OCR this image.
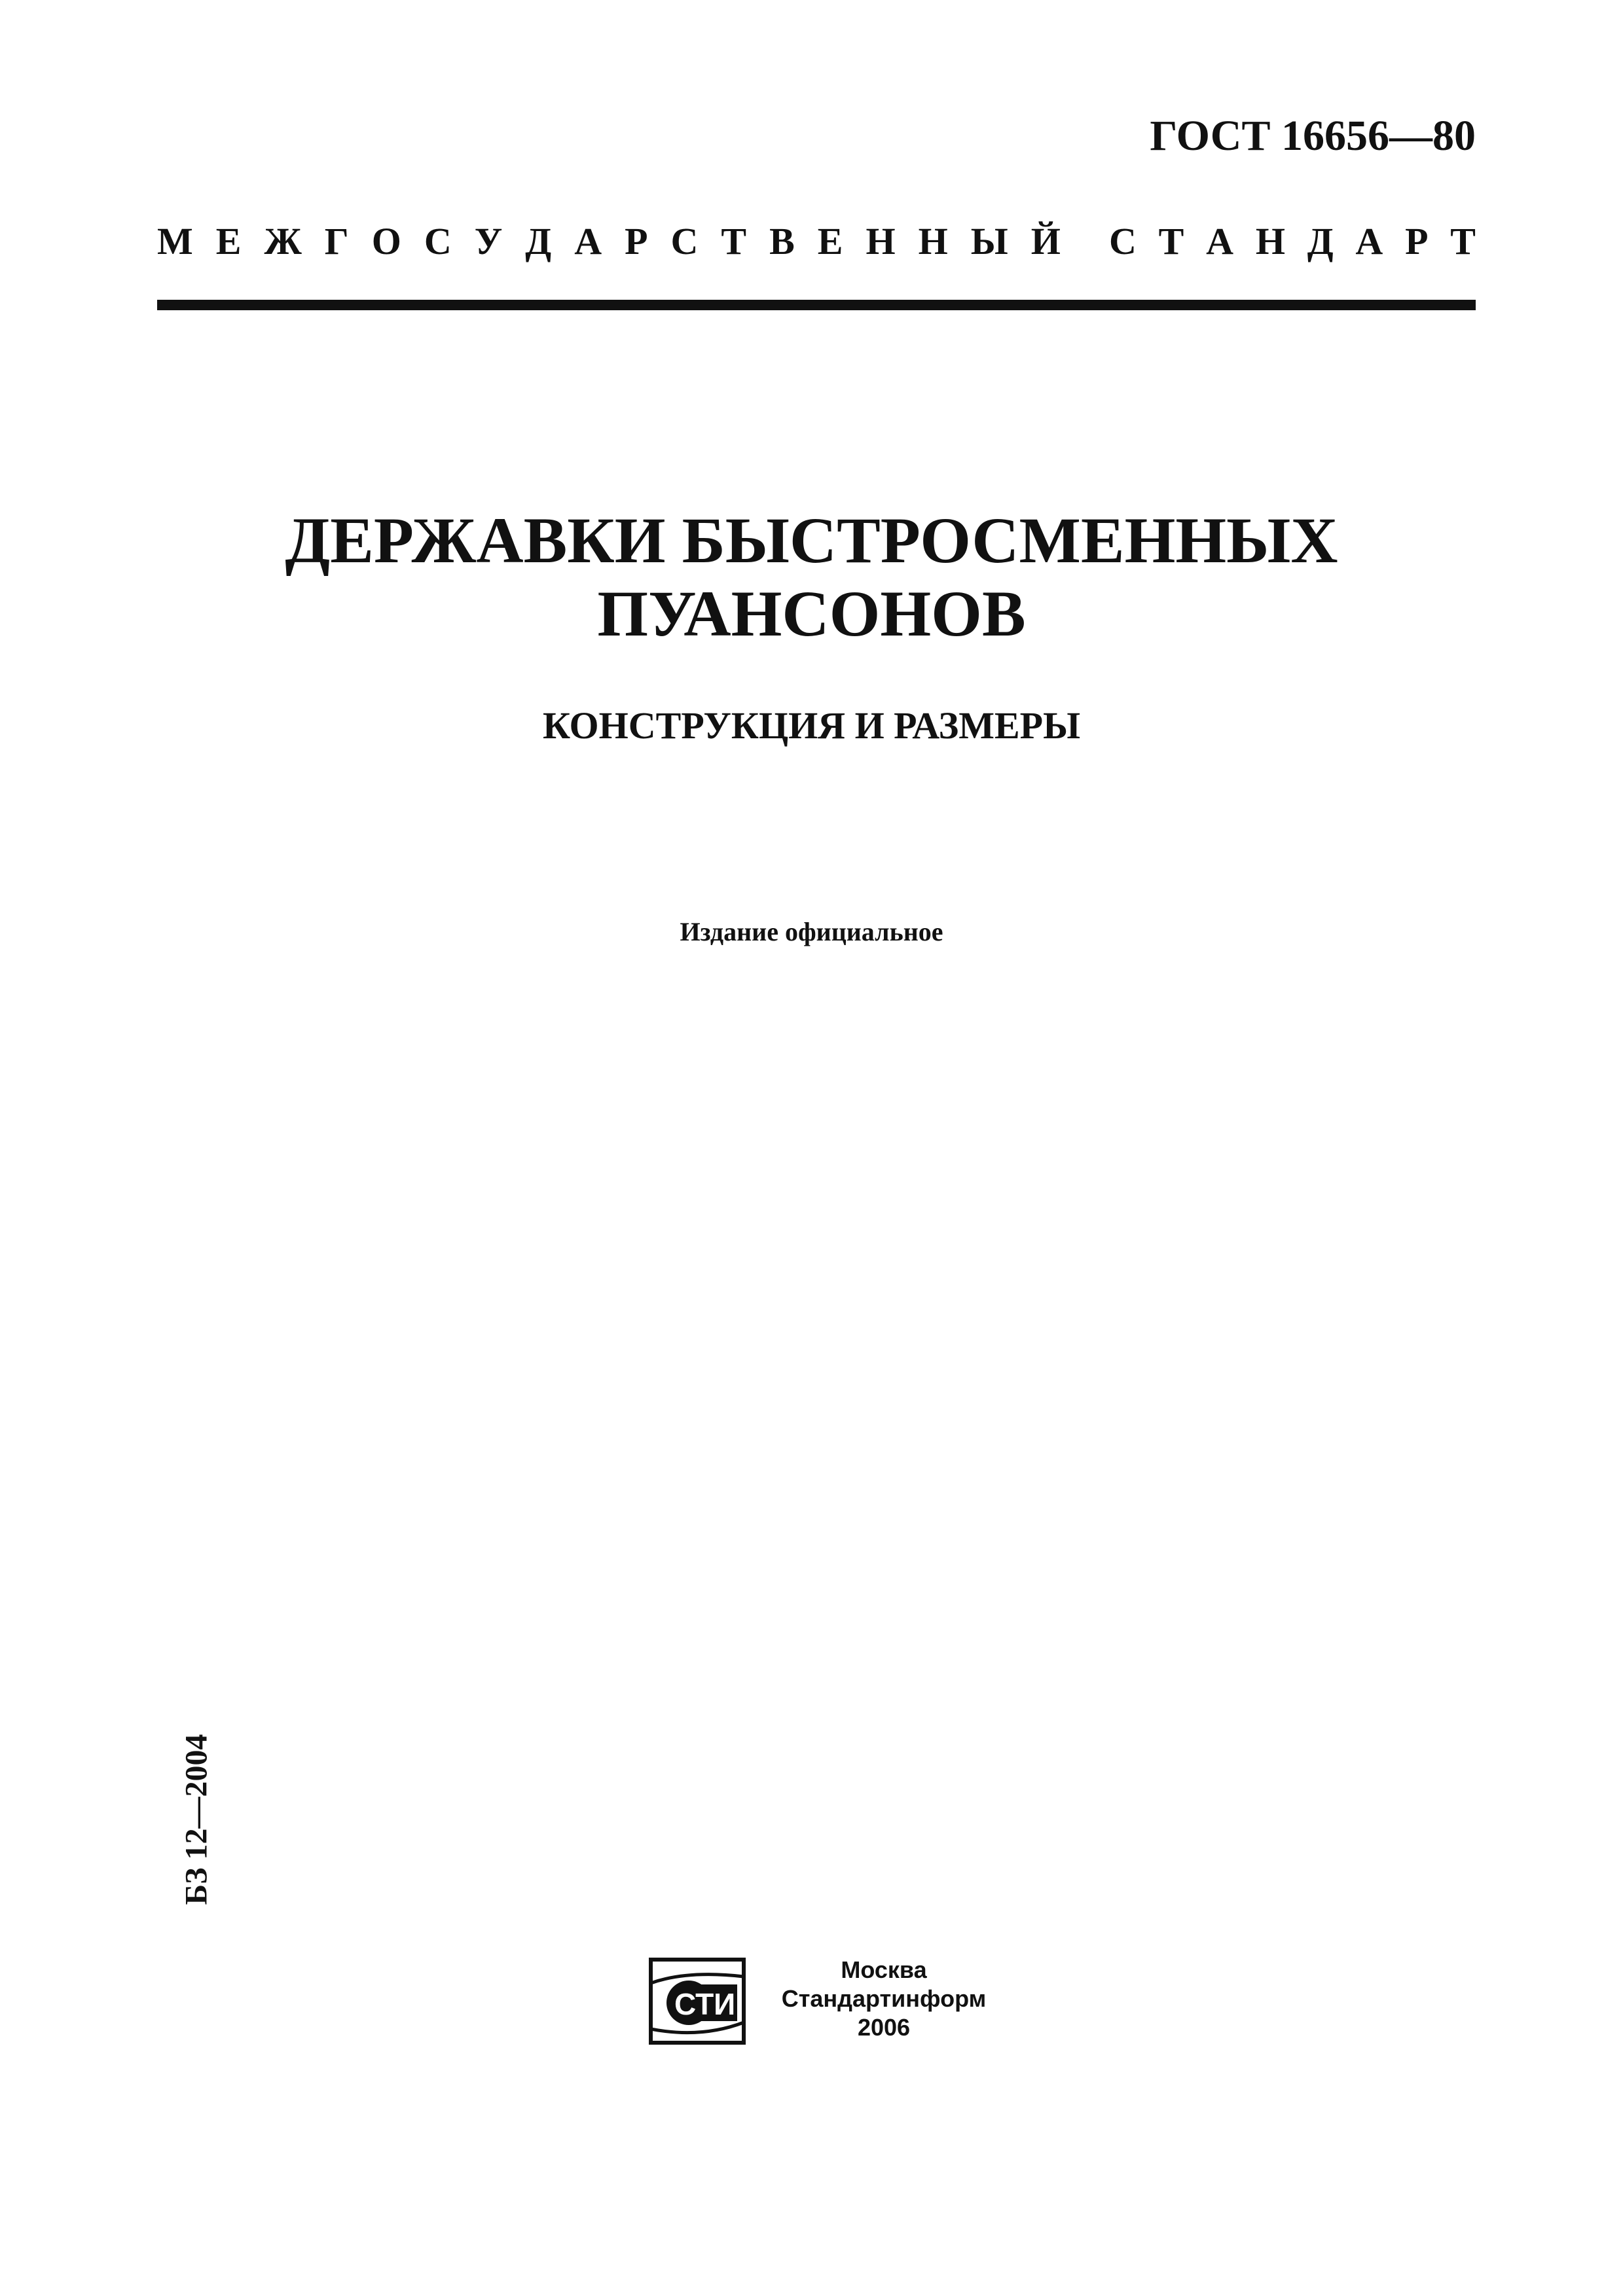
ГОСТ 16656—80
М Е Ж Г О С У Д А Р С Т В Е Н Н Ы Й С Т А Н Д А Р Т
ДЕРЖАВКИ БЫСТРОСМЕННЫХ
ПУАНСОНОВ
КОНСТРУКЦИЯ И РАЗМЕРЫ
Издание официальное
БЗ 12—2004
СТИ
Москва
Стандартинформ
2006
